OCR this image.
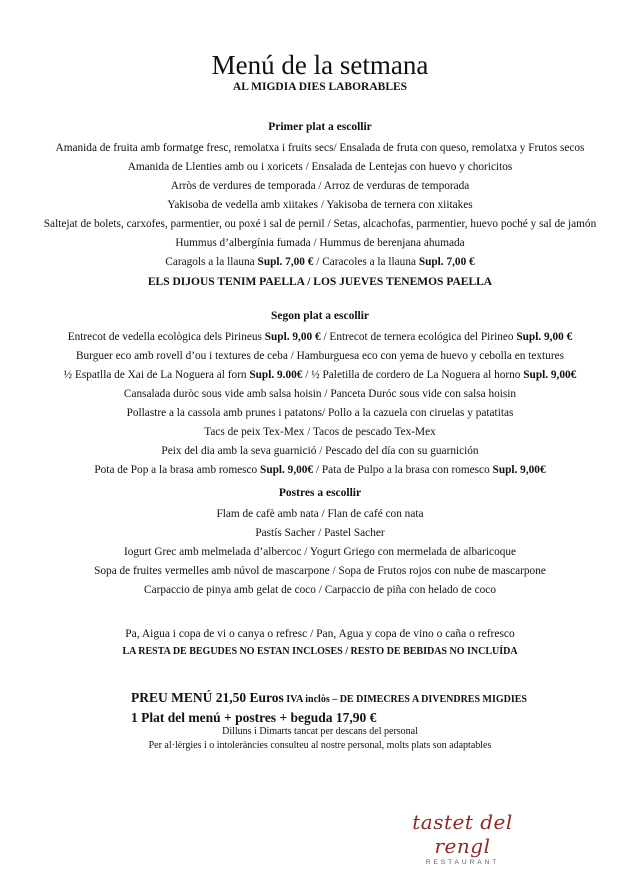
Menú de la setmana
AL MIGDIA DIES LABORABLES
Primer plat a escollir
Amanida de fruita amb formatge fresc, remolatxa i fruits secs/ Ensalada de fruta con queso, remolatxa y Frutos secos
Amanida de Llenties amb ou i xoricets / Ensalada de Lentejas con huevo y choricitos
Arròs de verdures de temporada / Arroz de verduras de temporada
Yakisoba de vedella amb xiitakes / Yakisoba de ternera con xiitakes
Saltejat de bolets, carxofes, parmentier, ou poxé i sal de pernil / Setas, alcachofas, parmentier, huevo poché y sal de jamón
Hummus d’albergínia fumada / Hummus de berenjana ahumada
Caragols a la llauna Supl. 7,00 € / Caracoles a la llauna Supl. 7,00 €
ELS DIJOUS TENIM PAELLA / LOS JUEVES TENEMOS PAELLA
Segon plat a escollir
Entrecot de vedella ecològica dels Pirineus Supl. 9,00 € / Entrecot de ternera ecológica del Pirineo Supl. 9,00 €
Burguer eco amb rovell d’ou i textures de ceba / Hamburguesa eco con yema de huevo y cebolla en textures
½ Espatlla de Xai de La Noguera al forn Supl. 9.00€ / ½ Paletilla de cordero de La Noguera al horno Supl. 9,00€
Cansalada duròc sous vide amb salsa hoisin / Panceta Duróc sous vide con salsa hoisin
Pollastre a la cassola amb prunes i patatons/ Pollo a la cazuela con ciruelas y patatitas
Tacs de peix Tex-Mex / Tacos de pescado Tex-Mex
Peix del dia amb la seva guarnició / Pescado del día con su guarnición
Pota de Pop a la brasa amb romesco Supl. 9,00€ / Pata de Pulpo a la brasa con romesco Supl. 9,00€
Postres a escollir
Flam de cafè amb nata / Flan de café con nata
Pastís Sacher / Pastel Sacher
Iogurt Grec amb melmelada d’albercoc / Yogurt Griego con mermelada de albaricoque
Sopa de fruites vermelles amb núvol de mascarpone / Sopa de Frutos rojos con nube de mascarpone
Carpaccio de pinya amb gelat de coco / Carpaccio de piña con helado de coco
Pa, Aigua i copa de vi o canya o refresc / Pan, Agua y copa de vino o caña o refresco
LA RESTA DE BEGUDES NO ESTAN INCLOSES / RESTO DE BEBIDAS NO INCLUÍDA
PREU MENÚ 21,50 Euros IVA inclòs – DE DIMECRES A DIVENDRES MIGDIES
1 Plat del menú + postres + beguda 17,90 €
Dilluns i Dimarts tancat per descans del personal
Per al·lèrgies i o intoleràncies consulteu al nostre personal, molts plats son adaptables
tastet del rengl
RESTAURANT
